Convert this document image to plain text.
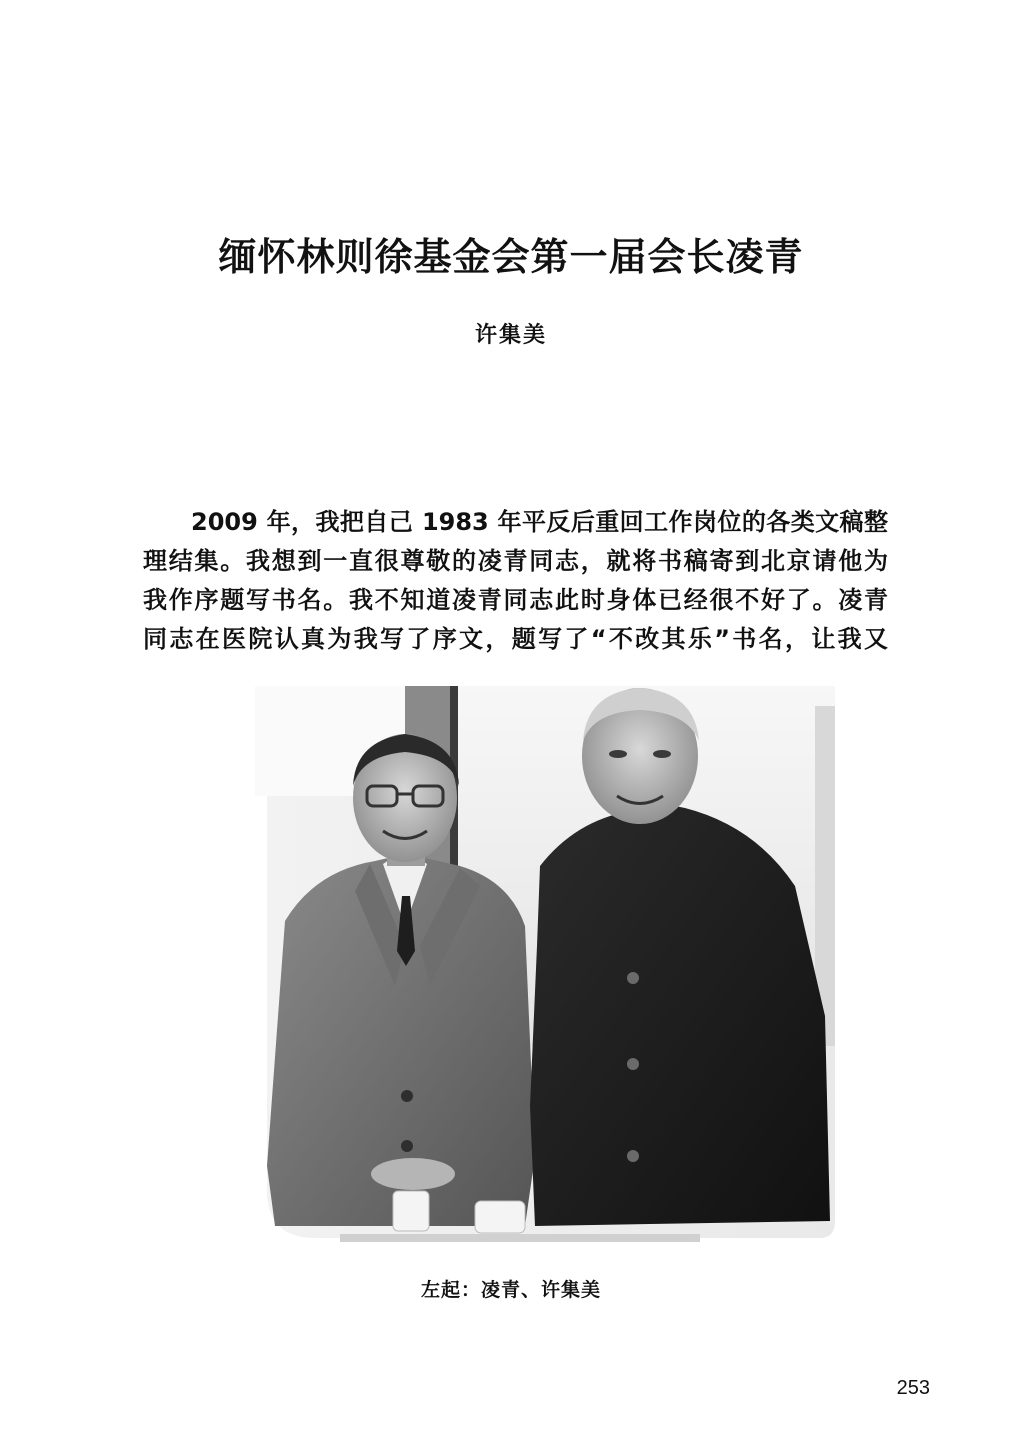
缅怀林则徐基金会第一届会长凌青
许集美
2009 年，我把自己 1983 年平反后重回工作岗位的各类文稿整
理结集。我想到一直很尊敬的凌青同志，就将书稿寄到北京请他为
我作序题写书名。我不知道凌青同志此时身体已经很不好了。凌青
同志在医院认真为我写了序文，题写了“不改其乐”书名，让我又
左起：凌青、许集美
253
